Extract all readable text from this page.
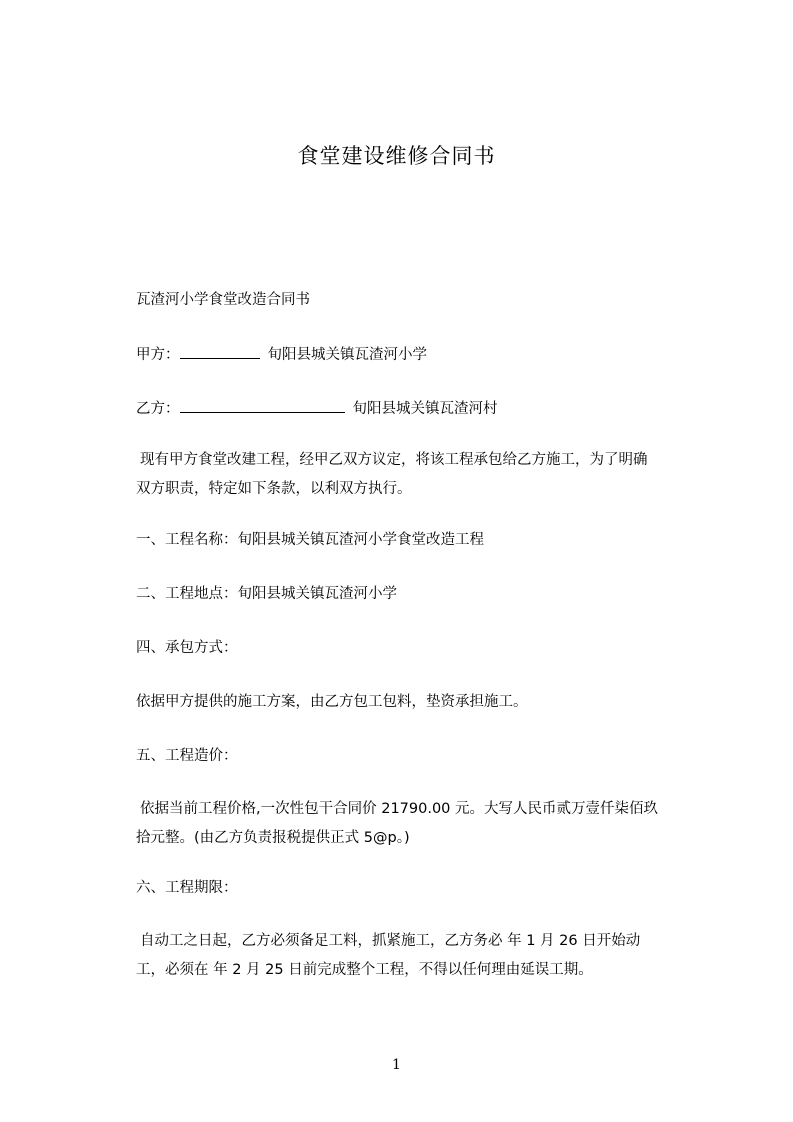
食堂建设维修合同书
瓦渣河小学食堂改造合同书
甲方：	旬阳县城关镇瓦渣河小学
乙方：	旬阳县城关镇瓦渣河村
现有甲方食堂改建工程，经甲乙双方议定，将该工程承包给乙方施工，为了明确双方职责，特定如下条款，以利双方执行。
一、工程名称：旬阳县城关镇瓦渣河小学食堂改造工程
二、工程地点：旬阳县城关镇瓦渣河小学
四、承包方式：
依据甲方提供的施工方案，由乙方包工包料，垫资承担施工。
五、工程造价：
依据当前工程价格,一次性包干合同价 21790.00 元。大写人民币贰万壹仟柒佰玖拾元整。(由乙方负责报税提供正式 5@p。)
六、工程期限：
自动工之日起，乙方必须备足工料，抓紧施工，乙方务必 年 1 月 26 日开始动工，必须在 年 2 月 25 日前完成整个工程，不得以任何理由延误工期。
1
